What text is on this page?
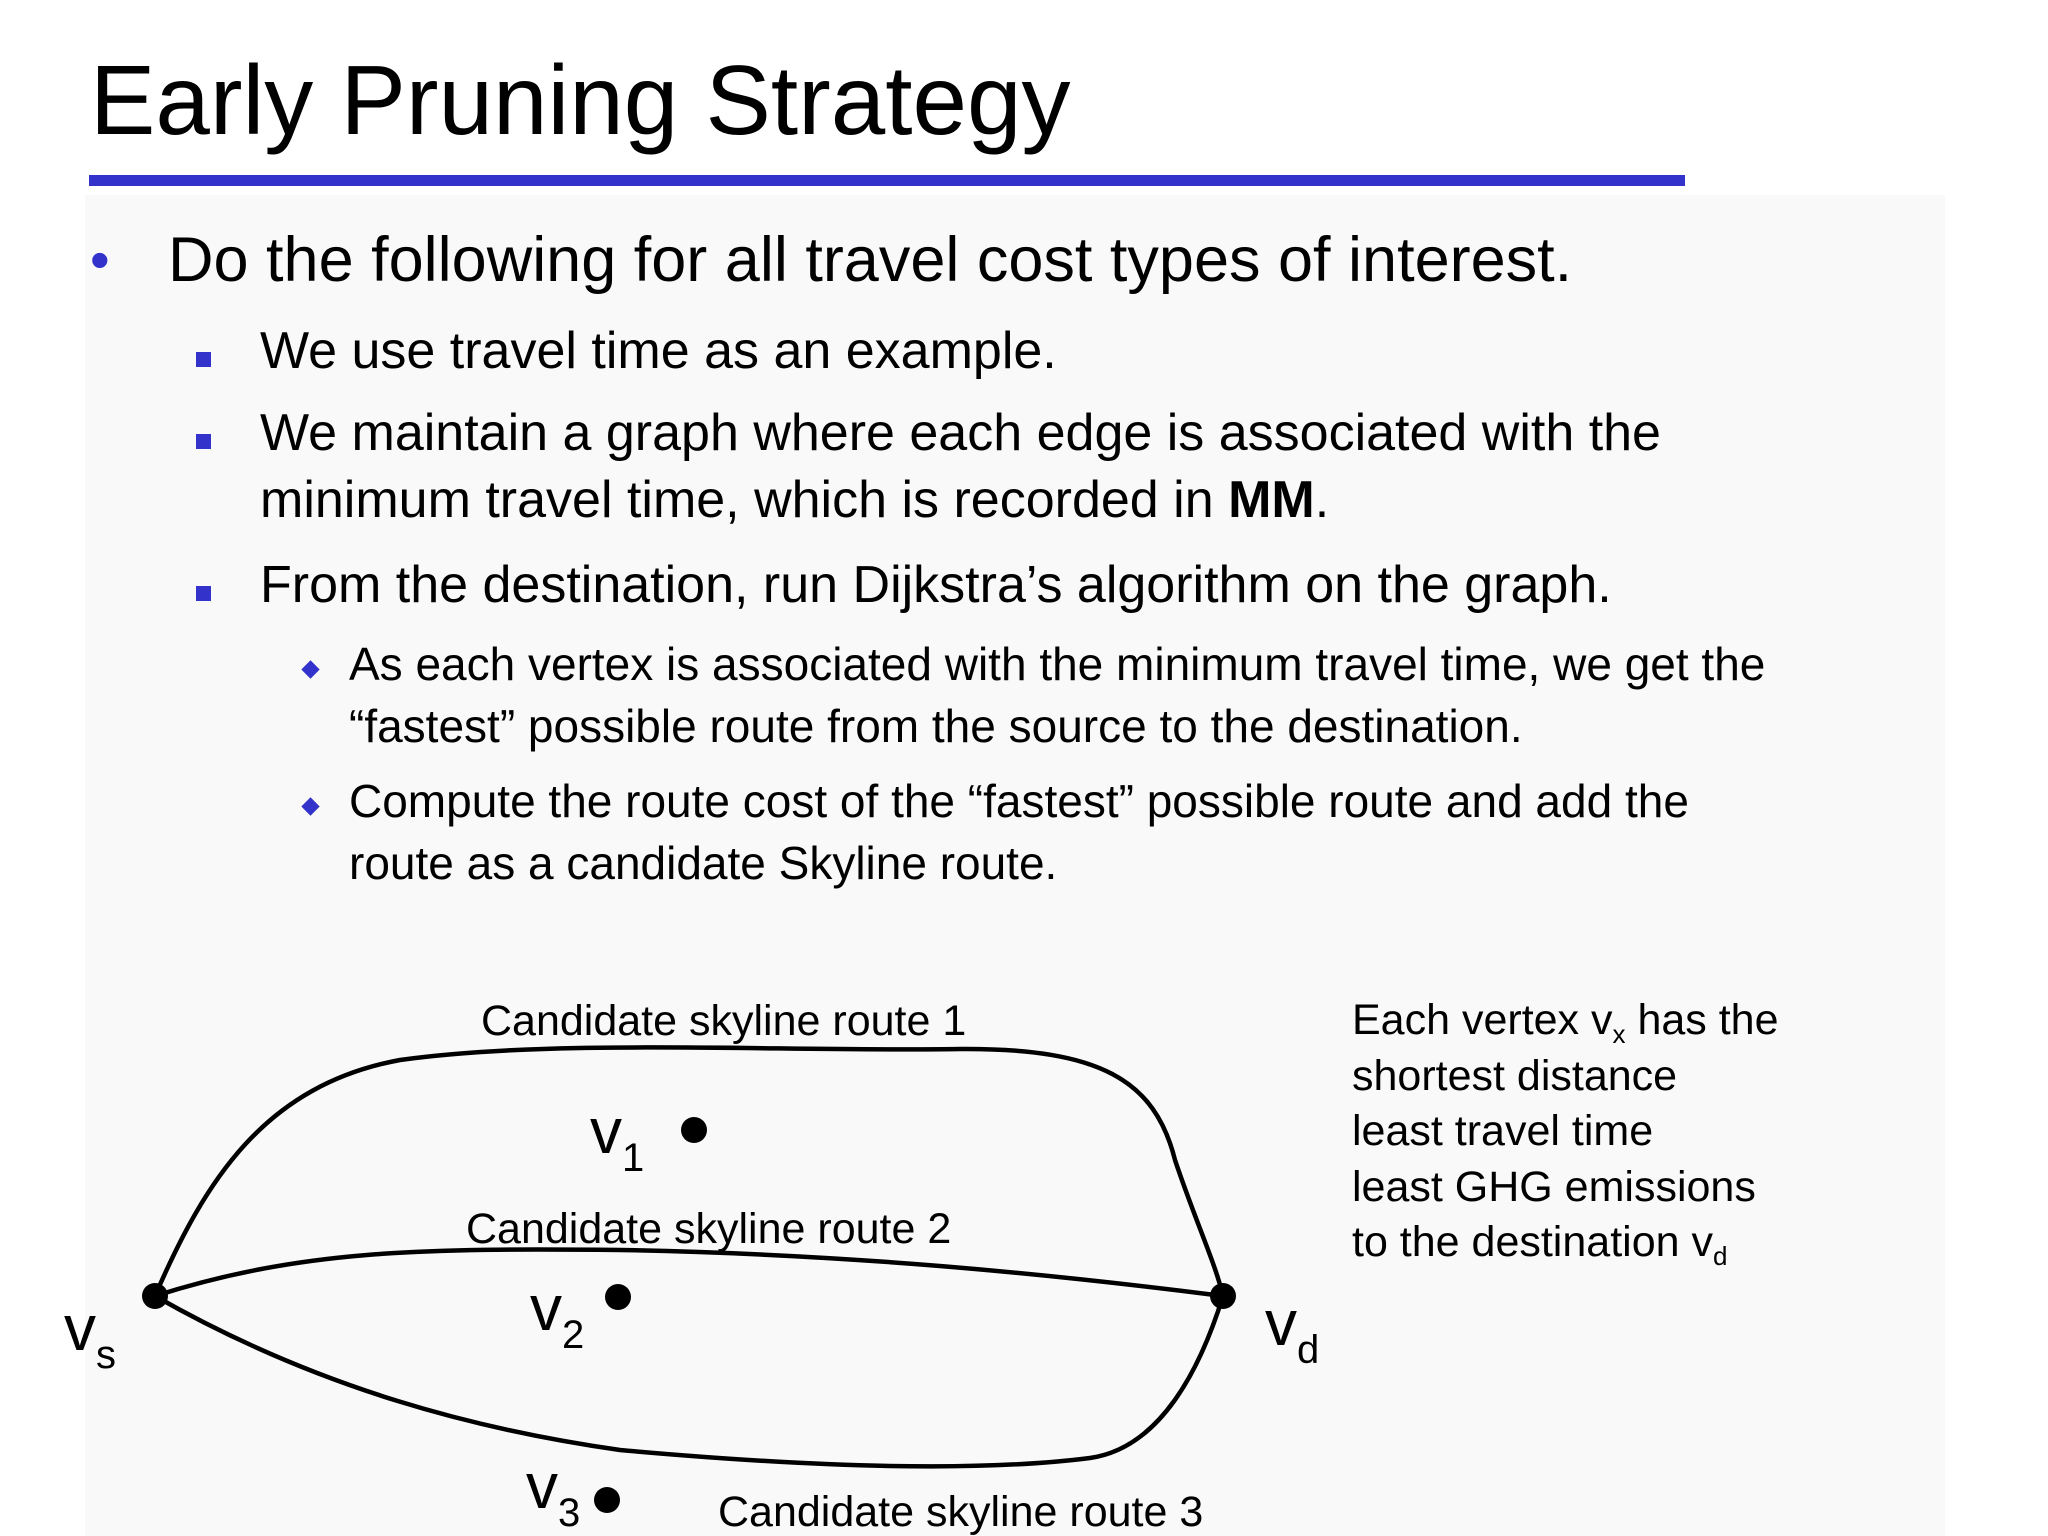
Early Pruning Strategy
• Do the following for all travel cost types of interest.
We use travel time as an example.
We maintain a graph where each edge is associated with the
minimum travel time, which is recorded in MM.
From the destination, run Dijkstra’s algorithm on the graph.
As each vertex is associated with the minimum travel time, we get the
“fastest” possible route from the source to the destination.
Compute the route cost of the “fastest” possible route and add the
route as a candidate Skyline route.
Candidate skyline route 1
Candidate skyline route 2
Candidate skyline route 3
$v_s$	$v_d$
$v_1$
$v_2$
$v_3$
Each vertex $v_x$ has the
shortest distance
least travel time
least GHG emissions
to the destination $v_d$
